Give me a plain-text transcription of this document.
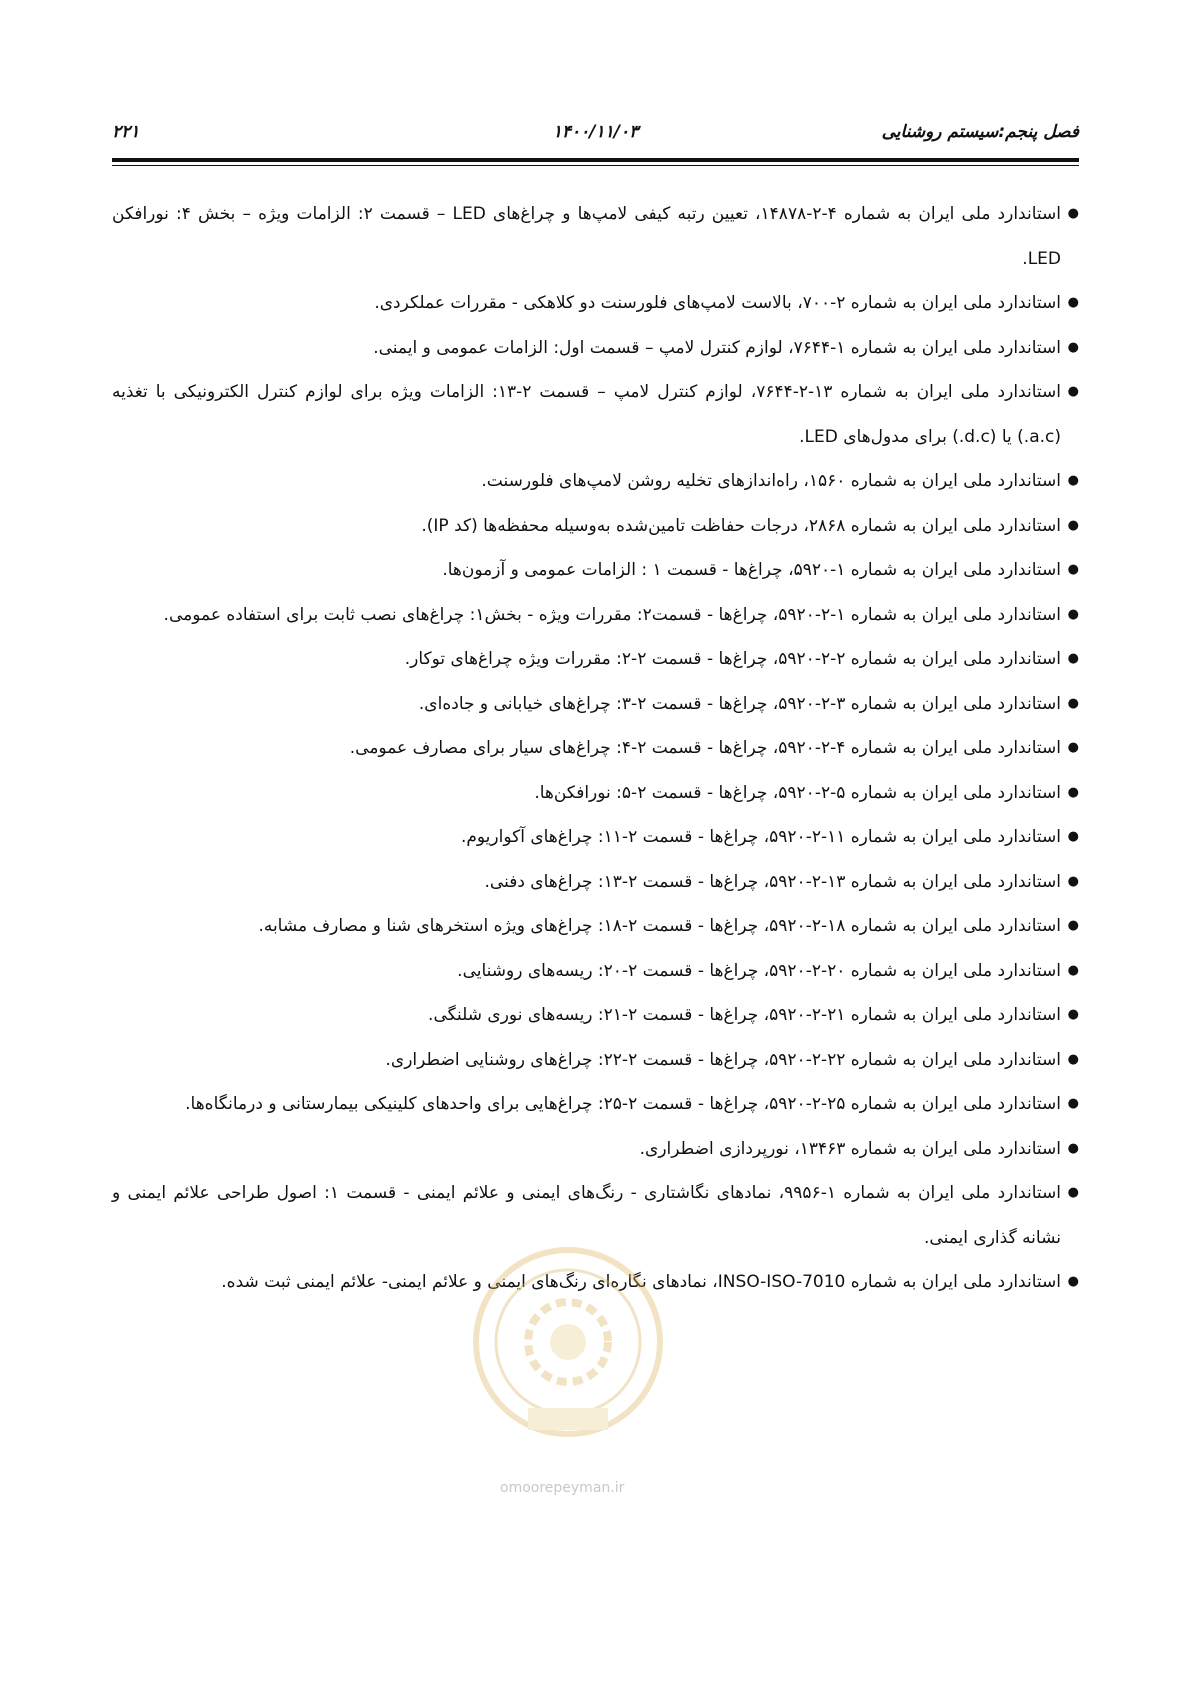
فصل پنجم:سیستم روشنایی
۱۴۰۰/۱۱/۰۳
۲۲۱
●
استاندارد ملی ایران به شماره ۴-۲-۱۴۸۷۸، تعیین رتبه کیفی لامپ‌ها و چراغ‌های LED – قسمت ۲: الزامات ویژه – بخش ۴: نورافکن LED.
●
استاندارد ملی ایران به شماره ۲-۷۰۰، بالاست لامپ‌های فلورسنت دو کلاهکی - مقررات عملکردی.
●
استاندارد ملی ایران به شماره ۱-۷۶۴۴، لوازم کنترل لامپ – قسمت اول: الزامات عمومی و ایمنی.
●
استاندارد ملی ایران به شماره ۱۳-۲-۷۶۴۴، لوازم کنترل لامپ – قسمت ۲-۱۳: الزامات ویژه برای لوازم کنترل الکترونیکی با تغذیه (a.c.) یا (d.c.) برای مدول‌های LED.
●
استاندارد ملی ایران به شماره ۱۵۶۰، راه‌اندازهای تخلیه روشن لامپ‌های فلورسنت.
●
استاندارد ملی ایران به شماره ۲۸۶۸، درجات حفاظت تامین‌شده به‌وسیله محفظه‌ها (کد IP).
●
استاندارد ملی ایران به شماره ۱-۵۹۲۰، چراغ‌ها - قسمت ۱ : الزامات عمومی و آزمون‌ها.
●
استاندارد ملی ایران به شماره ۱-۲-۵۹۲۰، چراغ‌ها - قسمت۲: مقررات ویژه - بخش۱: چراغ‌های نصب ثابت برای استفاده عمومی.
●
استاندارد ملی ایران به شماره ۲-۲-۵۹۲۰، چراغ‌ها - قسمت ۲-۲: مقررات ویژه چراغ‌های توکار.
●
استاندارد ملی ایران به شماره ۳-۲-۵۹۲۰، چراغ‌ها - قسمت ۲-۳: چراغ‌های خیابانی و جاده‌ای.
●
استاندارد ملی ایران به شماره ۴-۲-۵۹۲۰، چراغ‌ها - قسمت ۲-۴: چراغ‌های سیار برای مصارف عمومی.
●
استاندارد ملی ایران به شماره ۵-۲-۵۹۲۰، چراغ‌ها - قسمت ۲-۵: نورافکن‌ها.
●
استاندارد ملی ایران به شماره ۱۱-۲-۵۹۲۰، چراغ‌ها - قسمت ۲-۱۱: چراغ‌های آکواریوم.
●
استاندارد ملی ایران به شماره ۱۳-۲-۵۹۲۰، چراغ‌ها - قسمت ۲-۱۳: چراغ‌های دفنی.
●
استاندارد ملی ایران به شماره ۱۸-۲-۵۹۲۰، چراغ‌ها - قسمت ۲-۱۸: چراغ‌های ویژه استخرهای شنا و مصارف مشابه.
●
استاندارد ملی ایران به شماره ۲۰-۲-۵۹۲۰، چراغ‌ها - قسمت ۲-۲۰: ریسه‌های روشنایی.
●
استاندارد ملی ایران به شماره ۲۱-۲-۵۹۲۰، چراغ‌ها - قسمت ۲-۲۱: ریسه‌های نوری شلنگی.
●
استاندارد ملی ایران به شماره ۲۲-۲-۵۹۲۰، چراغ‌ها - قسمت ۲-۲۲: چراغ‌های روشنایی اضطراری.
●
استاندارد ملی ایران به شماره ۲۵-۲-۵۹۲۰، چراغ‌ها - قسمت ۲-۲۵: چراغ‌هایی برای واحدهای کلینیکی بیمارستانی و درمانگاه‌ها.
●
استاندارد ملی ایران به شماره ۱۳۴۶۳، نورپردازی اضطراری.
●
استاندارد ملی ایران به شماره ۱-۹۹۵۶، نمادهای نگاشتاری - رنگ‌های ایمنی و علائم ایمنی - قسمت ۱: اصول طراحی علائم ایمنی و نشانه گذاری ایمنی.
●
استاندارد ملی ایران به شماره INSO-ISO-7010، نمادهای نگاره‌ای رنگ‌های ایمنی و علائم ایمنی- علائم ایمنی ثبت شده.
omoorepeyman.ir
